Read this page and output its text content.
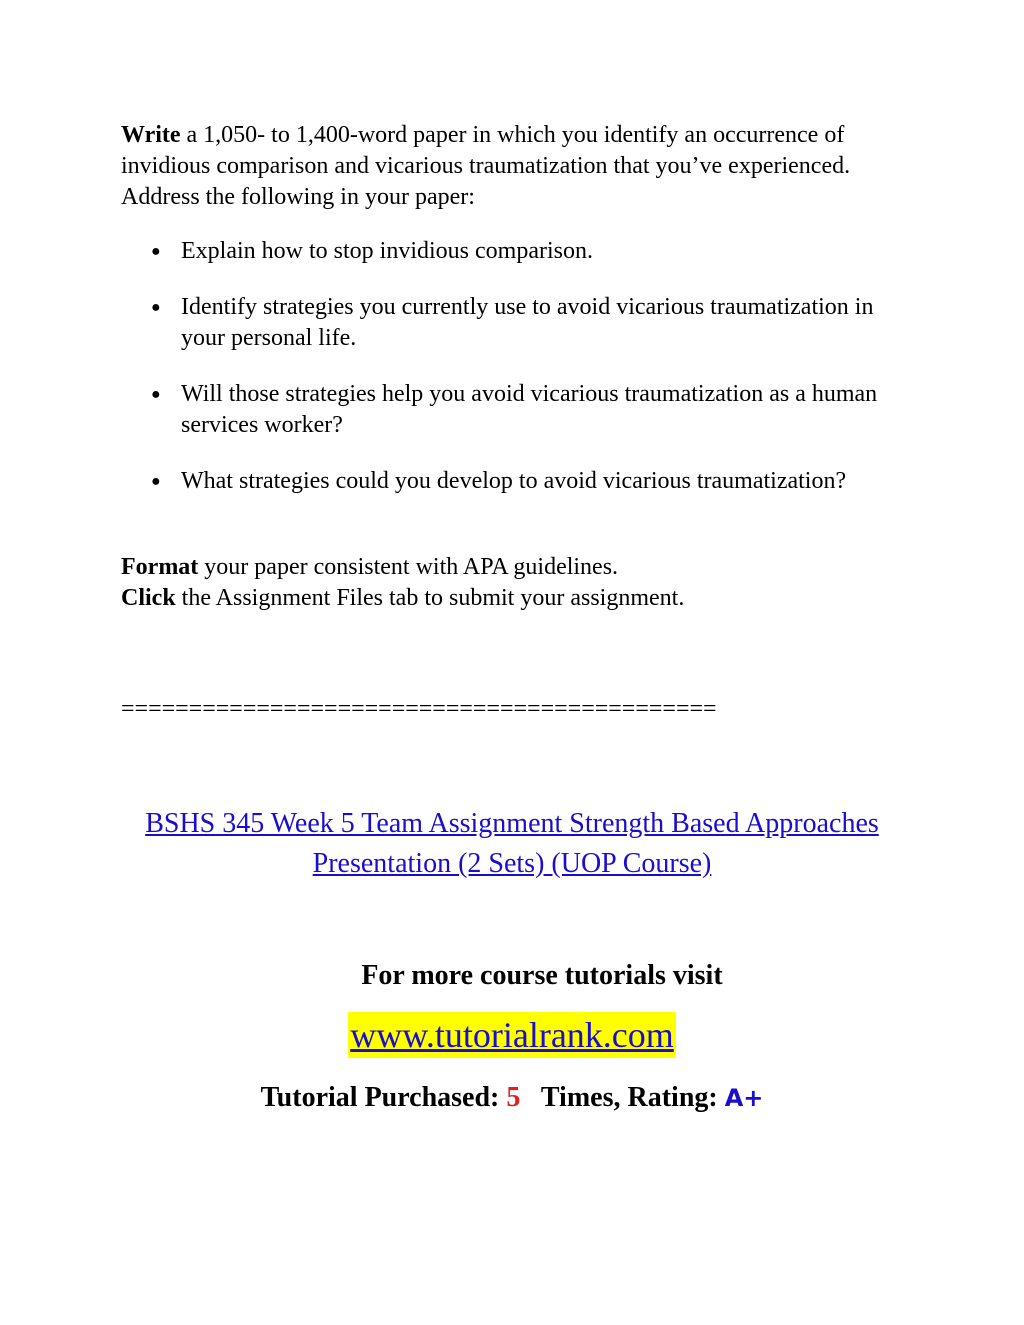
Write a 1,050- to 1,400-word paper in which you identify an occurrence of invidious comparison and vicarious traumatization that you’ve experienced. Address the following in your paper:

● Explain how to stop invidious comparison.
● Identify strategies you currently use to avoid vicarious traumatization in your personal life.
● Will those strategies help you avoid vicarious traumatization as a human services worker?
● What strategies could you develop to avoid vicarious traumatization?
Format your paper consistent with APA guidelines.
Click the Assignment Files tab to submit your assignment.
============================================
BSHS 345 Week 5 Team Assignment Strength Based Approaches Presentation (2 Sets) (UOP Course)
For more course tutorials visit
www.tutorialrank.com
Tutorial Purchased: 5 Times, Rating: A+
